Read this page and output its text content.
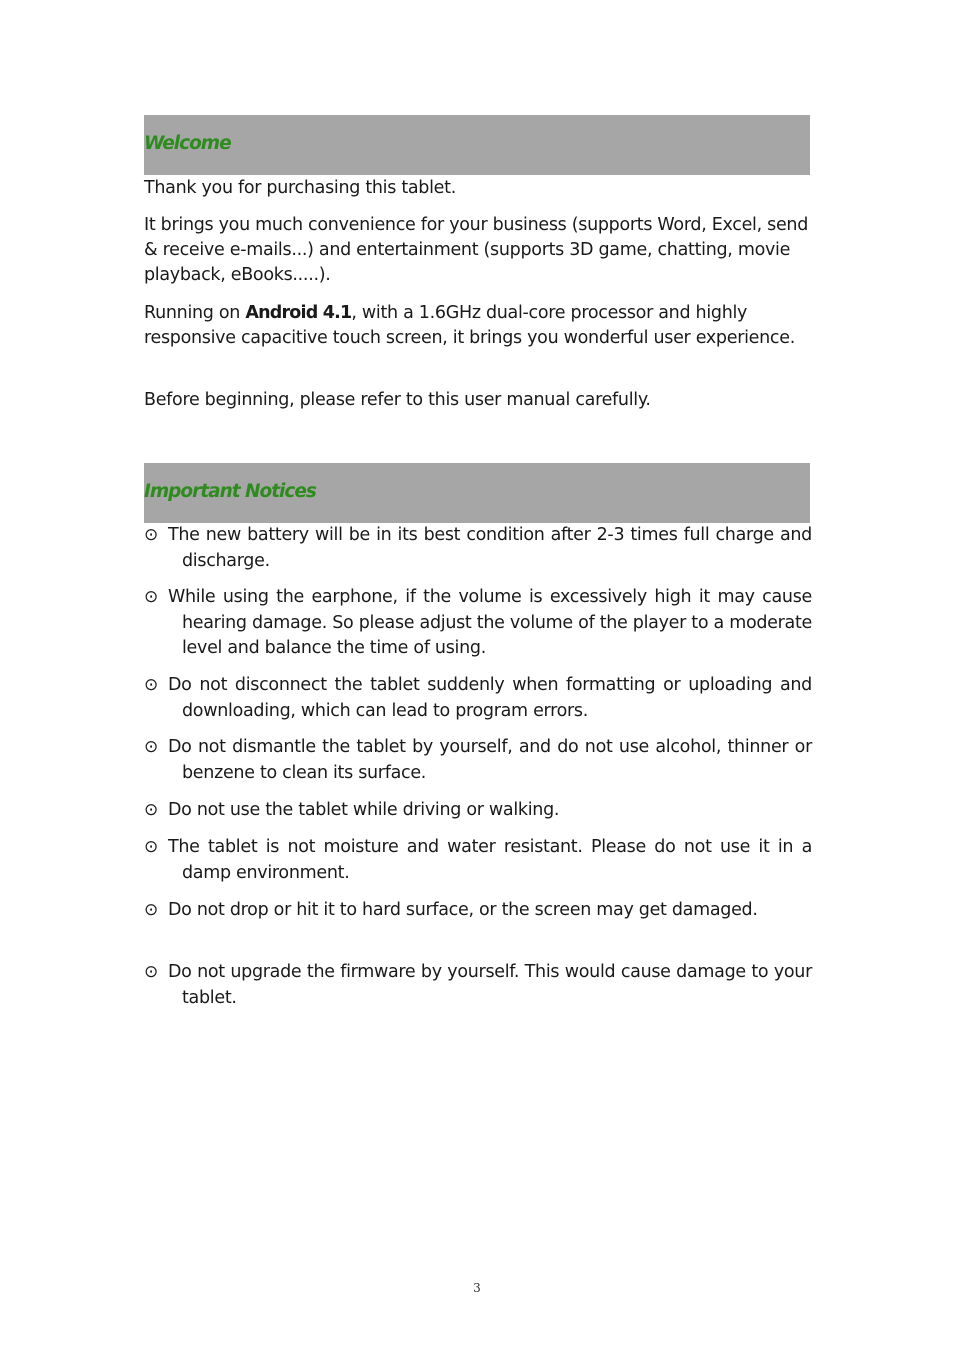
Welcome

Thank you for purchasing this tablet.

It brings you much convenience for your business (supports Word, Excel, send & receive e-mails...) and entertainment (supports 3D game, chatting, movie playback, eBooks.....).

Running on Android 4.1, with a 1.6GHz dual-core processor and highly responsive capacitive touch screen, it brings you wonderful user experience.

Before beginning, please refer to this user manual carefully.

Important Notices

⊙ The new battery will be in its best condition after 2-3 times full charge and discharge.

⊙ While using the earphone, if the volume is excessively high it may cause hearing damage. So please adjust the volume of the player to a moderate level and balance the time of using.

⊙ Do not disconnect the tablet suddenly when formatting or uploading and downloading, which can lead to program errors.

⊙ Do not dismantle the tablet by yourself, and do not use alcohol, thinner or benzene to clean its surface.

⊙ Do not use the tablet while driving or walking.

⊙ The tablet is not moisture and water resistant. Please do not use it in a damp environment.

⊙ Do not drop or hit it to hard surface, or the screen may get damaged.

⊙ Do not upgrade the firmware by yourself. This would cause damage to your tablet.

3
